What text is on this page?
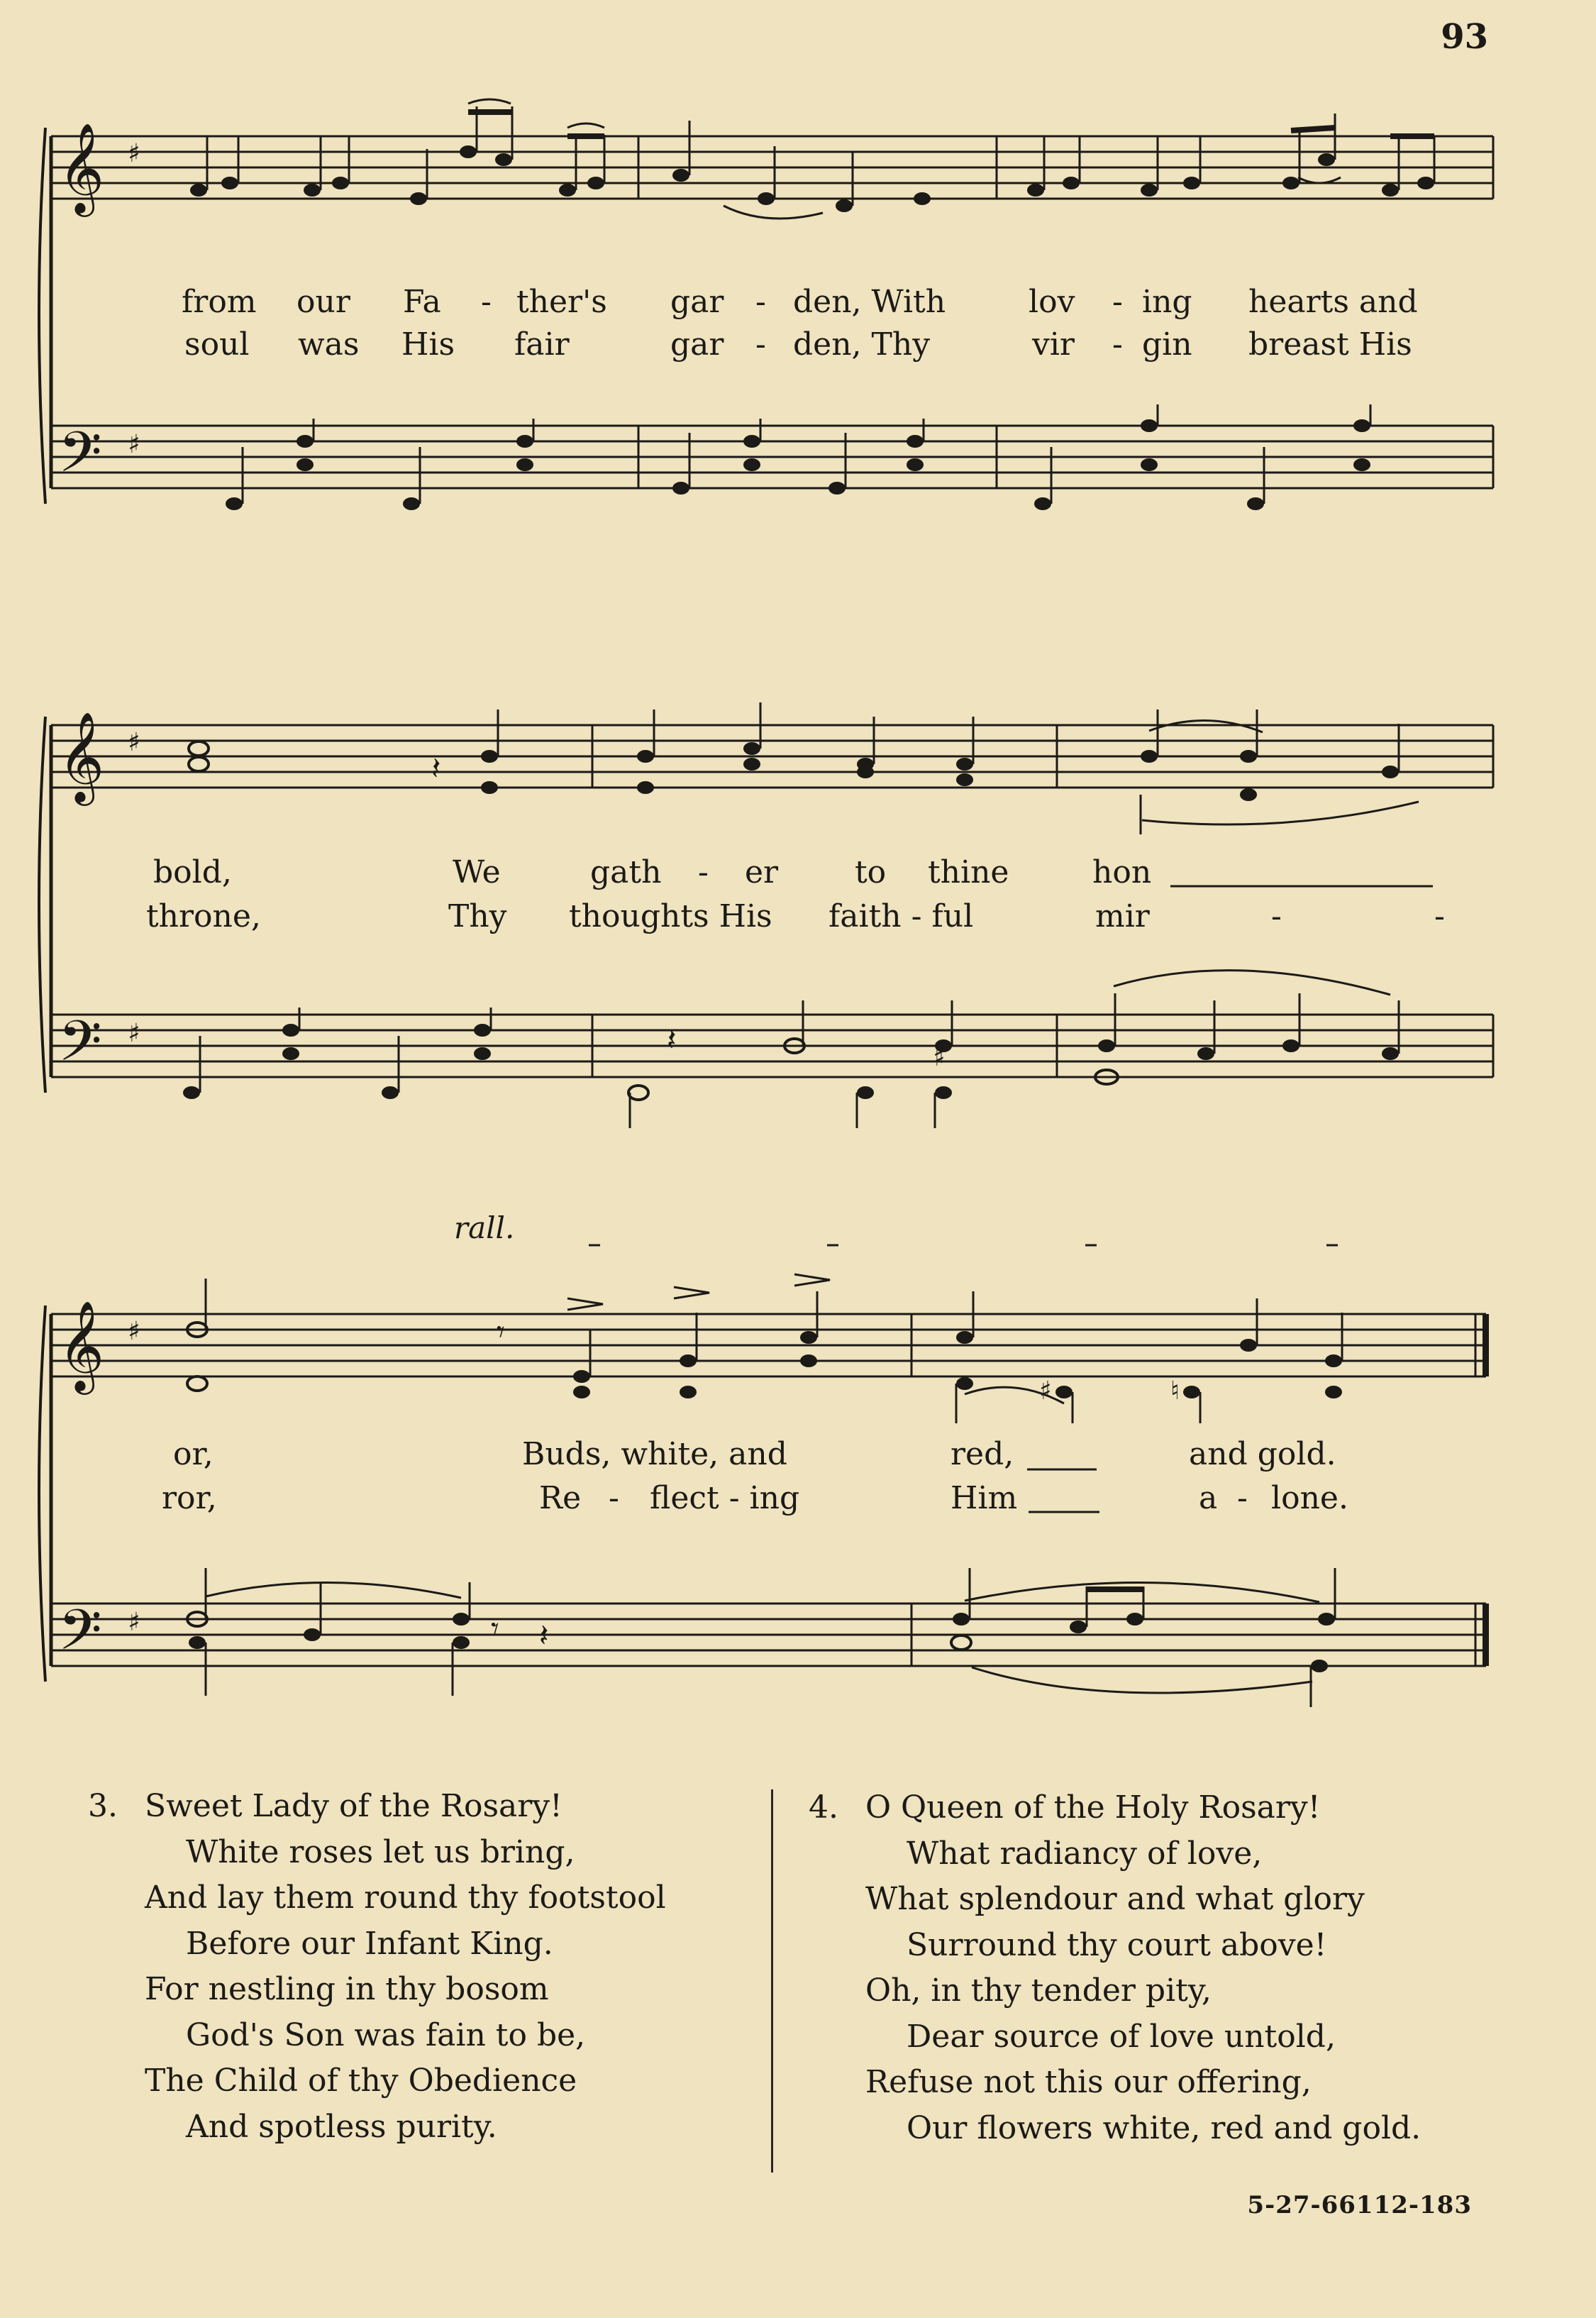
93
𝄞
𝄢
♯
♯
from our Fa - ther's gar - den, With	lov - ing hearts and
soul was His fair	gar - den, Thy	vir - gin breast His
𝄞
𝄢
♯
♯
𝄽
𝄽	♯
bold,	We	gath - er to thine	hon
throne,	Thy thoughts His faith - ful	mir	-	-
rall.
𝄞
𝄢
♯
♯
𝄾
♯	♮
𝄾 𝄽
or,	Buds, white, and	red,	and gold.
ror,	Re - flect - ing	Him	a - lone.
3. Sweet Lady of the Rosary!
White roses let us bring,
And lay them round thy footstool
Before our Infant King.
For nestling in thy bosom
God's Son was fain to be,
The Child of thy Obedience
And spotless purity.
4. O Queen of the Holy Rosary!
What radiancy of love,
What splendour and what glory
Surround thy court above!
Oh, in thy tender pity,
Dear source of love untold,
Refuse not this our offering,
Our flowers white, red and gold.
5-27-66112-183
